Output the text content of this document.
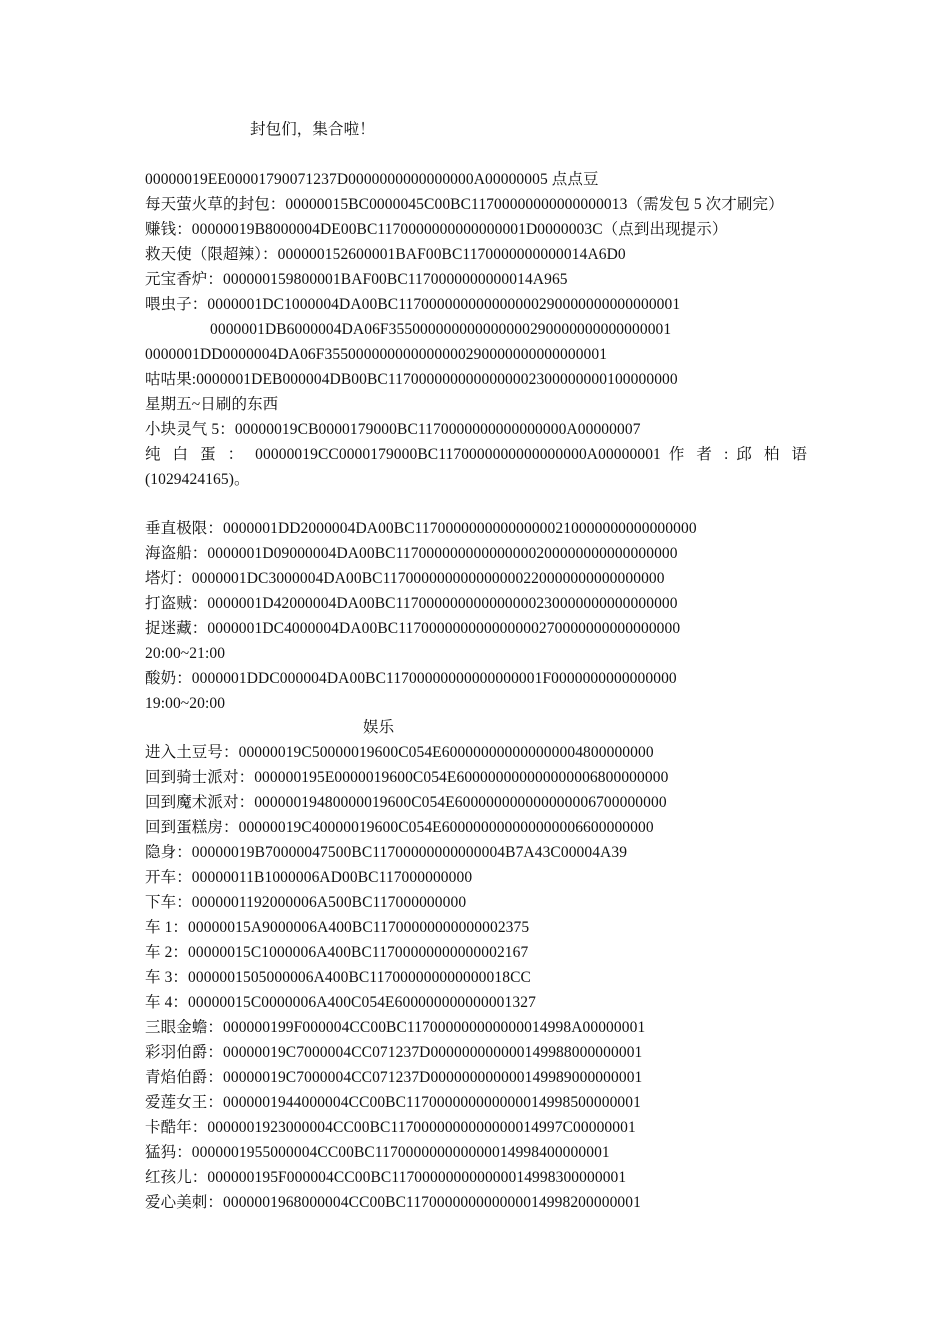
封包们，集合啦！
00000019EE00001790071237D0000000000000000A00000005 点点豆
每天萤火草的封包：00000015BC0000045C00BC11700000000000000013（需发包 5 次才刷完）
赚钱：00000019B8000004DE00BC1170000000000000001D0000003C（点到出现提示）
救天使（限超辣）：000000152600001BAF00BC1170000000000014A6D0
元宝香炉：000000159800001BAF00BC1170000000000014A965
喂虫子：0000001DC1000004DA00BC117000000000000000290000000000000001
0000001DB6000004DA06F355000000000000000290000000000000001
0000001DD0000004DA06F355000000000000000290000000000000001
咕咕果:0000001DEB000004DB00BC1170000000000000002300000000100000000
星期五~日刷的东西
小块灵气 5：00000019CB0000179000BC1170000000000000000A00000007
纯 白 蛋 ： 00000019CC0000179000BC1170000000000000000A00000001 作 者 : 邱 柏 语
(1029424165)。
垂直极限：0000001DD2000004DA00BC117000000000000000210000000000000000
海盗船：0000001D09000004DA00BC117000000000000000200000000000000000
塔灯：0000001DC3000004DA00BC117000000000000000220000000000000000
打盗贼：0000001D42000004DA00BC117000000000000000230000000000000000
捉迷藏：0000001DC4000004DA00BC117000000000000000270000000000000000
20:00~21:00
酸奶：0000001DDC000004DA00BC11700000000000000001F0000000000000000
19:00~20:00
娱乐
进入土豆号：00000019C50000019600C054E600000000000000004800000000
回到骑士派对：000000195E0000019600C054E600000000000000006800000000
回到魔术派对：00000019480000019600C054E600000000000000006700000000
回到蛋糕房：00000019C40000019600C054E600000000000000006600000000
隐身：00000019B70000047500BC11700000000000004B7A43C00004A39
开车：00000011B1000006AD00BC117000000000
下车：0000001192000006A500BC117000000000
车 1：00000015A9000006A400BC11700000000000002375
车 2：00000015C1000006A400BC11700000000000002167
车 3：0000001505000006A400BC117000000000000018CC
车 4：00000015C0000006A400C054E600000000000001327
三眼金蟾：000000199F000004CC00BC117000000000000014998A00000001
彩羽伯爵：00000019C7000004CC071237D000000000000149988000000001
青焰伯爵：00000019C7000004CC071237D000000000000149989000000001
爱莲女王：0000001944000004CC00BC117000000000000014998500000001
卡酷年：0000001923000004CC00BC1170000000000000014997C00000001
猛犸：0000001955000004CC00BC117000000000000014998400000001
红孩儿：000000195F000004CC00BC117000000000000014998300000001
爱心美刺：0000001968000004CC00BC117000000000000014998200000001
